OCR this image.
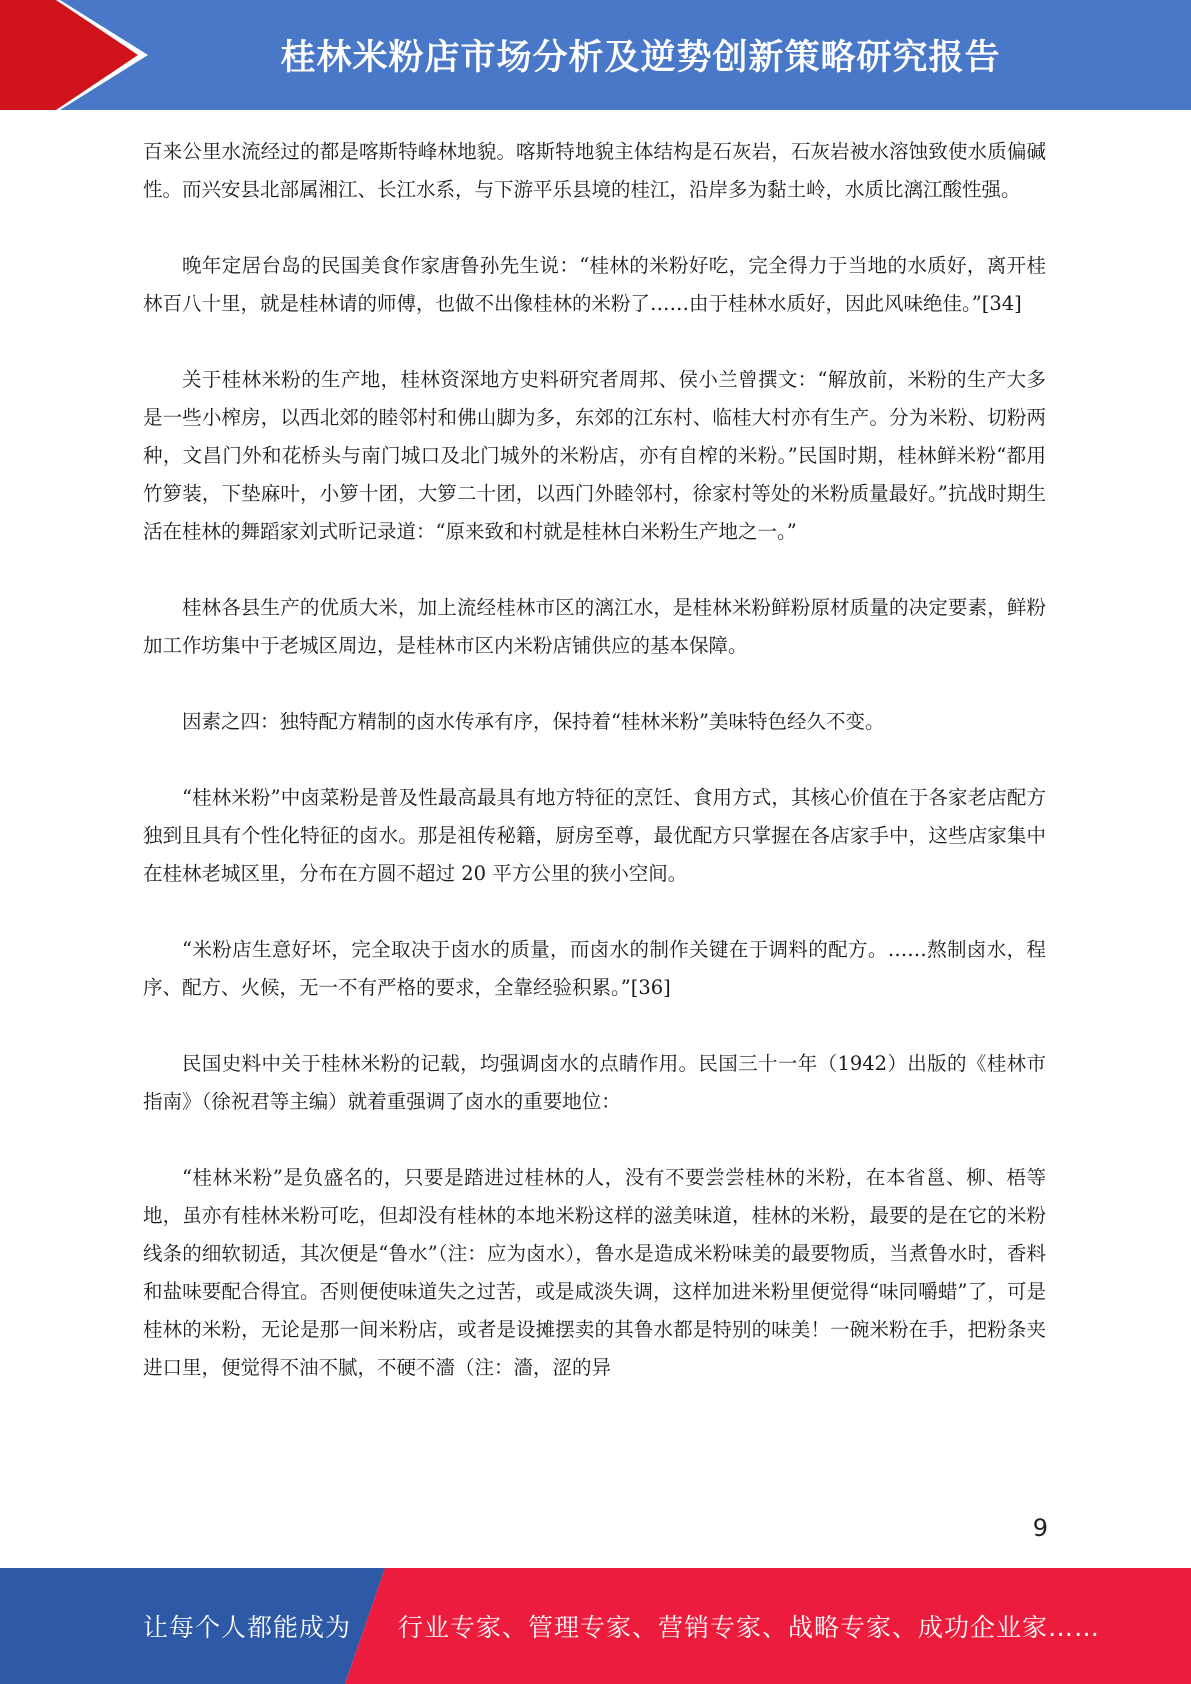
桂林米粉店市场分析及逆势创新策略研究报告

百来公里水流经过的都是喀斯特峰林地貌。喀斯特地貌主体结构是石灰岩，石灰岩被水溶蚀致使水质偏碱性。而兴安县北部属湘江、长江水系，与下游平乐县境的桂江，沿岸多为黏土岭，水质比漓江酸性强。

晚年定居台岛的民国美食作家唐鲁孙先生说：“桂林的米粉好吃，完全得力于当地的水质好，离开桂林百八十里，就是桂林请的师傅，也做不出像桂林的米粉了……由于桂林水质好，因此风味绝佳。”[34]

关于桂林米粉的生产地，桂林资深地方史料研究者周邦、侯小兰曾撰文：“解放前，米粉的生产大多是一些小榨房，以西北郊的睦邻村和佛山脚为多，东郊的江东村、临桂大村亦有生产。分为米粉、切粉两种，文昌门外和花桥头与南门城口及北门城外的米粉店，亦有自榨的米粉。”民国时期，桂林鲜米粉“都用竹箩装，下垫麻叶，小箩十团，大箩二十团，以西门外睦邻村，徐家村等处的米粉质量最好。”抗战时期生活在桂林的舞蹈家刘式昕记录道：“原来致和村就是桂林白米粉生产地之一。”

桂林各县生产的优质大米，加上流经桂林市区的漓江水，是桂林米粉鲜粉原材质量的决定要素，鲜粉加工作坊集中于老城区周边，是桂林市区内米粉店铺供应的基本保障。

因素之四：独特配方精制的卤水传承有序，保持着“桂林米粉”美味特色经久不变。

“桂林米粉”中卤菜粉是普及性最高最具有地方特征的烹饪、食用方式，其核心价值在于各家老店配方独到且具有个性化特征的卤水。那是祖传秘籍，厨房至尊，最优配方只掌握在各店家手中，这些店家集中在桂林老城区里，分布在方圆不超过 20 平方公里的狭小空间。

“米粉店生意好坏，完全取决于卤水的质量，而卤水的制作关键在于调料的配方。……熬制卤水，程序、配方、火候，无一不有严格的要求，全靠经验积累。”[36]

民国史料中关于桂林米粉的记载，均强调卤水的点睛作用。民国三十一年（1942）出版的《桂林市指南》（徐祝君等主编）就着重强调了卤水的重要地位：

“桂林米粉”是负盛名的，只要是踏进过桂林的人，没有不要尝尝桂林的米粉，在本省邕、柳、梧等地，虽亦有桂林米粉可吃，但却没有桂林的本地米粉这样的滋美味道，桂林的米粉，最要的是在它的米粉线条的细软韧适，其次便是“鲁水”（注：应为卤水），鲁水是造成米粉味美的最要物质，当煮鲁水时，香料和盐味要配合得宜。否则便使味道失之过苦，或是咸淡失调，这样加进米粉里便觉得“味同嚼蜡”了，可是桂林的米粉，无论是那一间米粉店，或者是设摊摆卖的其鲁水都是特别的味美！一碗米粉在手，把粉条夹进口里，便觉得不油不腻，不硬不濇（注：濇，涩的异

9
让每个人都能成为 行业专家、管理专家、营销专家、战略专家、成功企业家……
